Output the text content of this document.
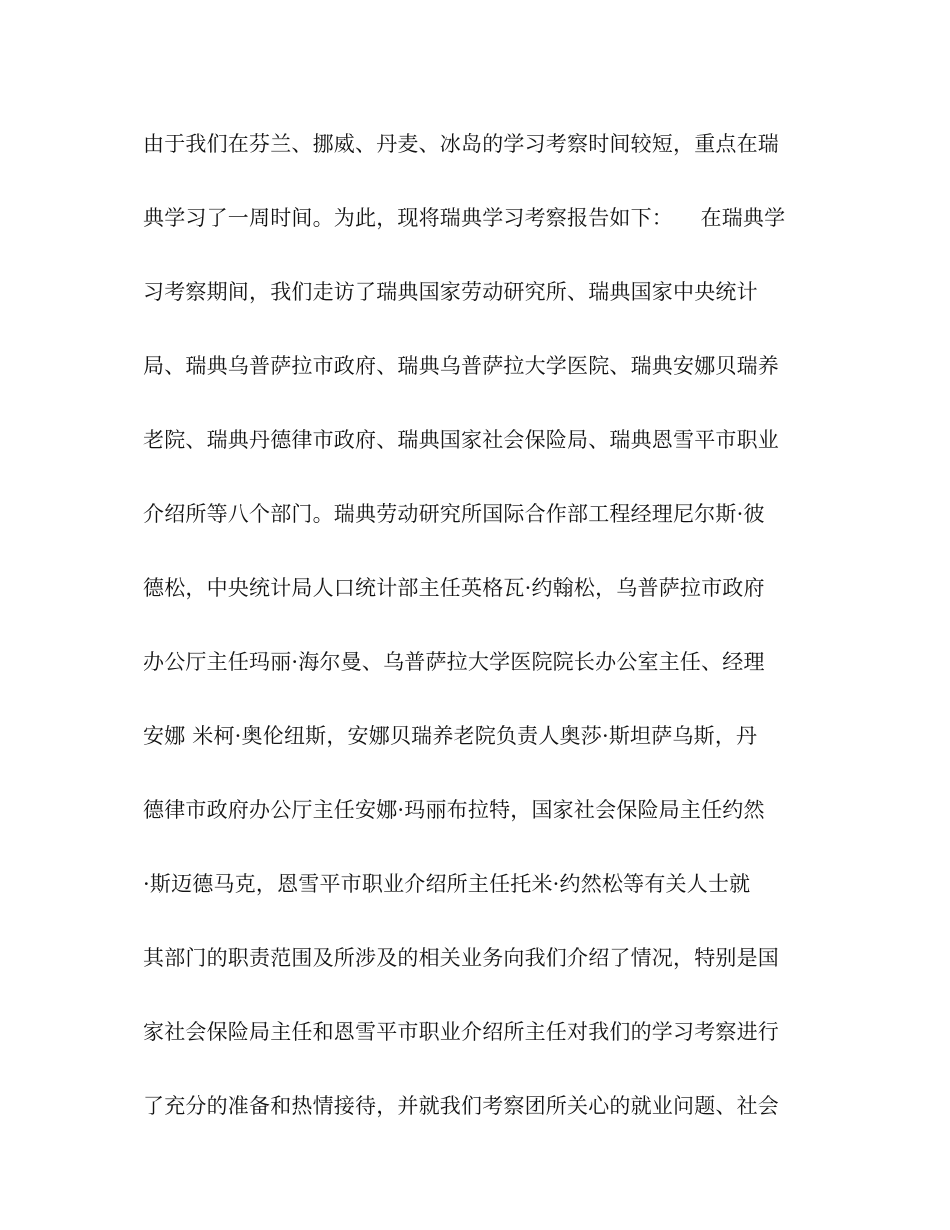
由于我们在芬兰、挪威、丹麦、冰岛的学习考察时间较短，重点在瑞
典学习了一周时间。为此，现将瑞典学习考察报告如下：    在瑞典学
习考察期间，我们走访了瑞典国家劳动研究所、瑞典国家中央统计
局、瑞典乌普萨拉市政府、瑞典乌普萨拉大学医院、瑞典安娜贝瑞养
老院、瑞典丹德律市政府、瑞典国家社会保险局、瑞典恩雪平市职业
介绍所等八个部门。瑞典劳动研究所国际合作部工程经理尼尔斯·彼
德松，中央统计局人口统计部主任英格瓦·约翰松，乌普萨拉市政府
办公厅主任玛丽·海尔曼、乌普萨拉大学医院院长办公室主任、经理
安娜 米柯·奥伦纽斯，安娜贝瑞养老院负责人奥莎·斯坦萨乌斯，丹
德律市政府办公厅主任安娜·玛丽布拉特，国家社会保险局主任约然
·斯迈德马克，恩雪平市职业介绍所主任托米·约然松等有关人士就
其部门的职责范围及所涉及的相关业务向我们介绍了情况，特别是国
家社会保险局主任和恩雪平市职业介绍所主任对我们的学习考察进行
了充分的准备和热情接待，并就我们考察团所关心的就业问题、社会
